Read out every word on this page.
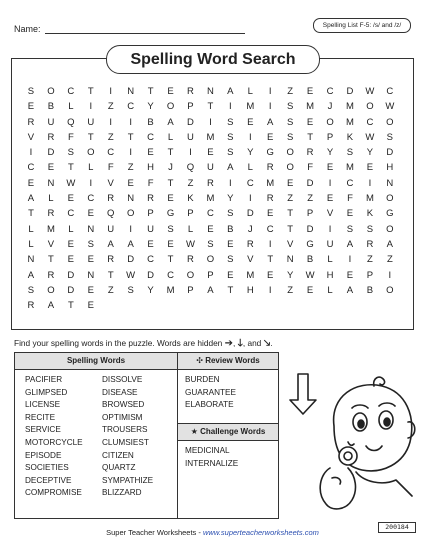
Name:	Spelling List F-5: /s/ and /z/
Spelling Word Search
S	O	C	T	I	N	T	E	R	N	A	L	I	Z	E	C	D	W	C
E	B	L	I	Z	C	Y	O	P	T	I	M	I	S	M	J	M	O	W
R	U	Q	U	I	I	B	A	D	I	S	E	A	S	E	O	M	C	O
V	R	F	T	Z	T	C	L	U	M	S	I	E	S	T	P	K	W	S
I	D	S	O	C	I	E	T	I	E	S	Y	G	O	R	Y	S	Y	D
C	E	T	L	F	Z	H	J	Q	U	A	L	R	O	F	E	M	E	H
E	N	W	I	V	E	F	T	Z	R	I	C	M	E	D	I	C	I	N
A	L	E	C	R	N	R	E	K	M	Y	I	R	Z	Z	E	F	M	O
T	R	C	E	Q	O	P	G	P	C	S	D	E	T	P	V	E	K	G
L	M	L	N	U	I	U	S	L	E	B	J	C	T	D	I	S	S	O
L	V	E	S	A	A	E	E	W	S	E	R	I	V	G	U	A	R	A
N	T	E	E	R	D	C	T	R	O	S	V	T	N	B	L	I	Z	Z
A	R	D	N	T	W	D	C	O	P	E	M	E	Y	W	H	E	P	I
S	O	D	E	Z	S	Y	M	P	A	T	H	I	Z	E	L	A	B	O
R	A	T	E
Find your spelling words in the puzzle. Words are hidden ➔, 🡓, and 🡖.
Spelling Words
PACIFIER
GLIMPSED
LICENSE
RECITE
SERVICE
MOTORCYCLE
EPISODE
SOCIETIES
DECEPTIVE
COMPROMISE
DISSOLVE
DISEASE
BROWSED
OPTIMISM
TROUSERS
CLUMSIEST
CITIZEN
QUARTZ
SYMPATHIZE
BLIZZARD
✣ Review Words
BURDEN
GUARANTEE
ELABORATE
★ Challenge Words
MEDICINAL
INTERNALIZE
Super Teacher Worksheets - www.superteacherworksheets.com
200184
